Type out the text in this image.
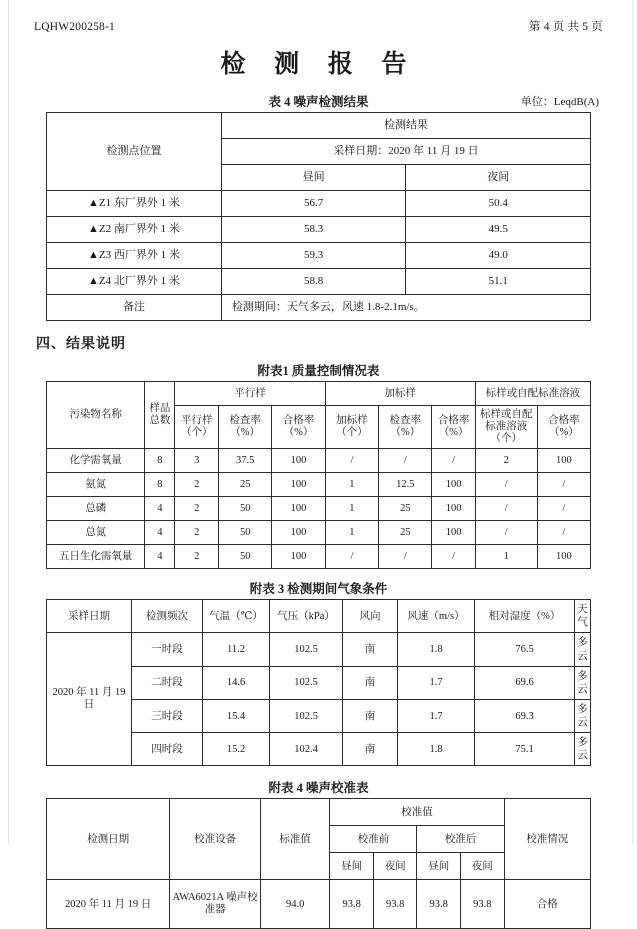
LQHW200258-1	第 4 页 共 5 页
检 测 报 告
表 4 噪声检测结果	单位：LeqdB(A)
检测点位置	检测结果	
	采样日期：2020 年 11 月 19 日	
	昼间	夜间
▲Z1 东厂界外 1 米	56.7	50.4
▲Z2 南厂界外 1 米	58.3	49.5
▲Z3 西厂界外 1 米	59.3	49.0
▲Z4 北厂界外 1 米	58.8	51.1
备注	检测期间：天气多云，风速 1.8-2.1m/s。	
四、结果说明
附表1 质量控制情况表
污染物名称	样品总数	平行样			加标样			标样或自配标准溶液	
		平行样（个）	检查率（%）	合格率（%）	加标样（个）	检查率（%）	合格率（%）	标样或自配标准溶液（个）	合格率（%）
化学需氧量	8	3	37.5	100	/	/	/	2	100
氨氮	8	2	25	100	1	12.5	100	/	/
总磷	4	2	50	100	1	25	100	/	/
总氮	4	2	50	100	1	25	100	/	/
五日生化需氧量	4	2	50	100	/	/	/	1	100
附表 3 检测期间气象条件
采样日期	检测频次	气温（℃）	气压（kPa）	风向	风速（m/s）	相对湿度（%）	天气
2020 年 11 月 19 日	一时段	11.2	102.5	南	1.8	76.5	多云
	二时段	14.6	102.5	南	1.7	69.6	多云
	三时段	15.4	102.5	南	1.7	69.3	多云
	四时段	15.2	102.4	南	1.8	75.1	多云
附表 4 噪声校准表
检测日期	校准设备	标准值	校准值				校准情况
			校准前		校准后		
			昼间	夜间	昼间	夜间	
2020 年 11 月 19 日	AWA6021A 噪声校准器	94.0	93.8	93.8	93.8	93.8	合格
